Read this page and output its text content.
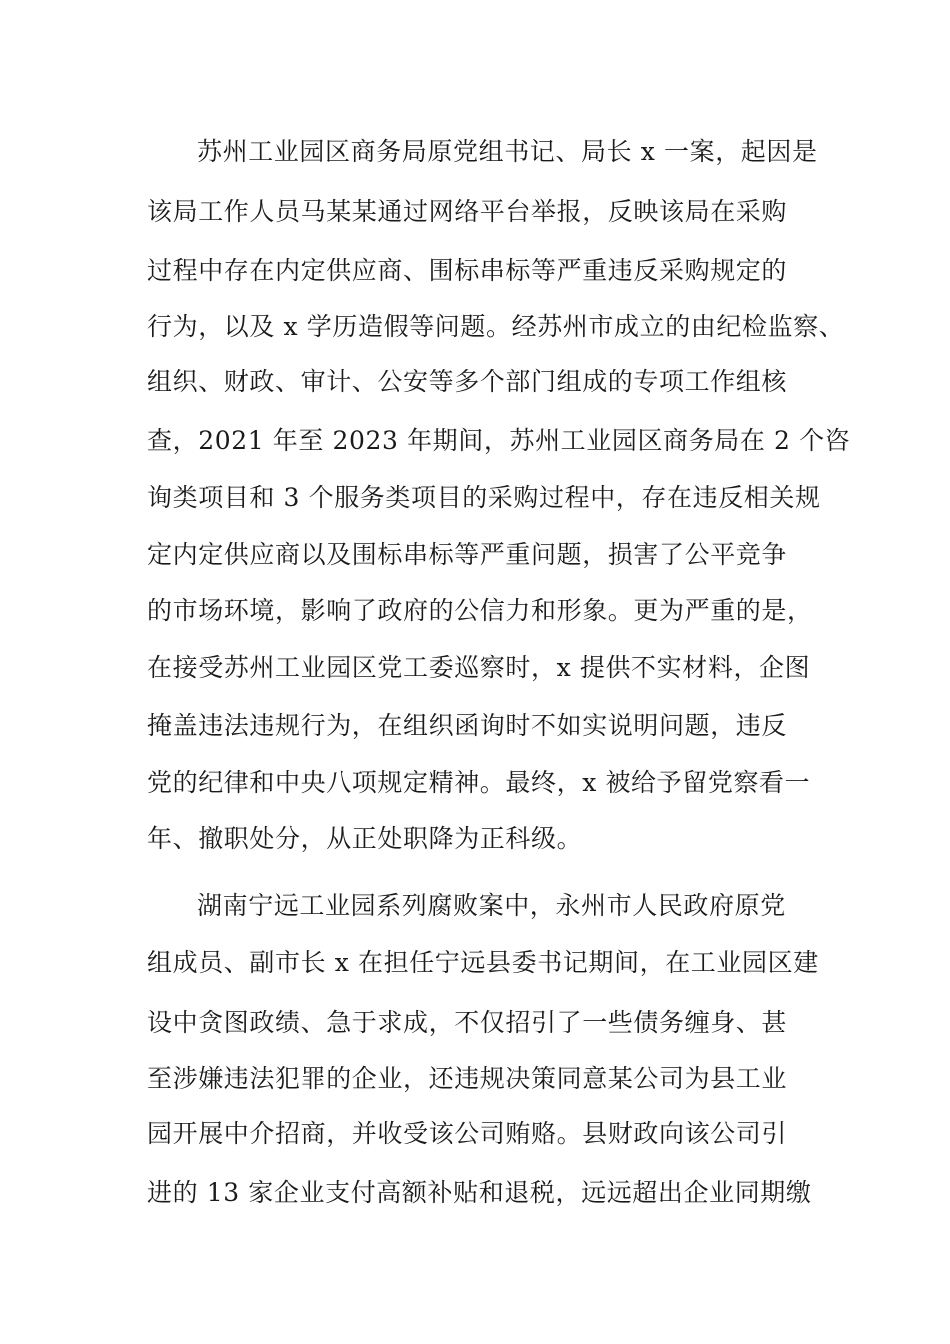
苏州工业园区商务局原党组书记、局长 x 一案，起因是
该局工作人员马某某通过网络平台举报，反映该局在采购
过程中存在内定供应商、围标串标等严重违反采购规定的
行为，以及 x 学历造假等问题。经苏州市成立的由纪检监察、
组织、财政、审计、公安等多个部门组成的专项工作组核
查，2021 年至 2023 年期间，苏州工业园区商务局在 2 个咨
询类项目和 3 个服务类项目的采购过程中，存在违反相关规
定内定供应商以及围标串标等严重问题，损害了公平竞争
的市场环境，影响了政府的公信力和形象。更为严重的是，
在接受苏州工业园区党工委巡察时，x 提供不实材料，企图
掩盖违法违规行为，在组织函询时不如实说明问题，违反
党的纪律和中央八项规定精神。最终，x 被给予留党察看一
年、撤职处分，从正处职降为正科级。
湖南宁远工业园系列腐败案中，永州市人民政府原党
组成员、副市长 x 在担任宁远县委书记期间，在工业园区建
设中贪图政绩、急于求成，不仅招引了一些债务缠身、甚
至涉嫌违法犯罪的企业，还违规决策同意某公司为县工业
园开展中介招商，并收受该公司贿赂。县财政向该公司引
进的 13 家企业支付高额补贴和退税，远远超出企业同期缴
